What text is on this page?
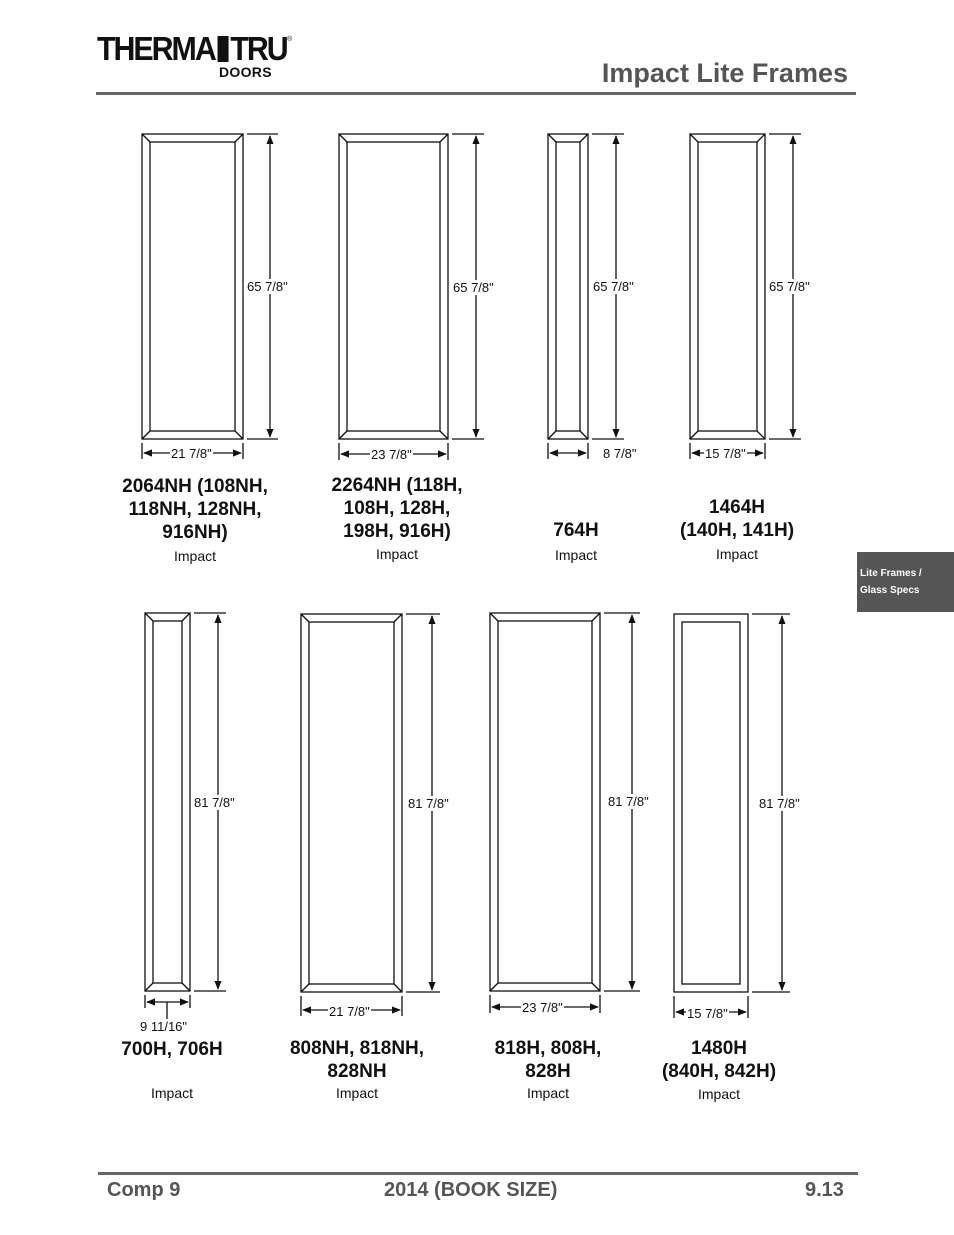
THERMA TRU ®
DOORS	Impact Lite Frames
65 7/8"
21 7/8"
65 7/8"
23 7/8"
65 7/8"
8 7/8"
65 7/8"
15 7/8"
81 7/8"
9 11/16"
81 7/8"
21 7/8"
81 7/8"
23 7/8"
81 7/8"
15 7/8"
2064NH (108NH,
118NH, 128NH,
916NH)
Impact
2264NH (118H,
108H, 128H,
198H, 916H)
Impact
764H
Impact
1464H
(140H, 141H)
Impact
700H, 706H
Impact
808NH, 818NH,
828NH
Impact
818H, 808H,
828H
Impact
1480H
(840H, 842H)
Impact
Lite Frames /
Glass Specs
Comp 9	2014 (BOOK SIZE)	9.13
